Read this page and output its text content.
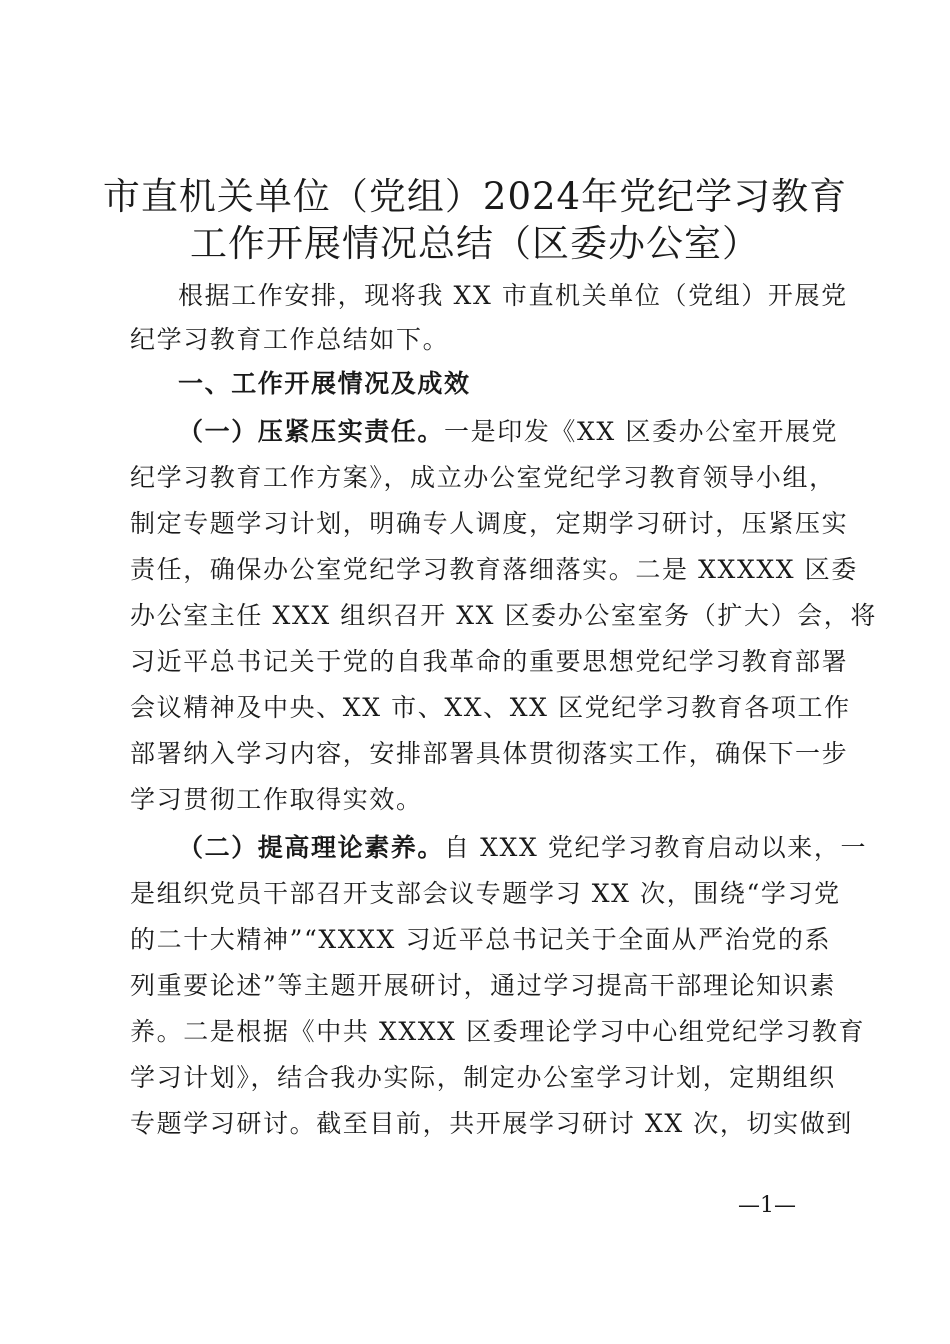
市直机关单位（党组）2024年党纪学习教育
工作开展情况总结（区委办公室）
根据工作安排，现将我 XX 市直机关单位（党组）开展党
纪学习教育工作总结如下。
一、工作开展情况及成效
（一）压紧压实责任。一是印发《XX 区委办公室开展党
纪学习教育工作方案》，成立办公室党纪学习教育领导小组，
制定专题学习计划，明确专人调度，定期学习研讨，压紧压实
责任，确保办公室党纪学习教育落细落实。二是 XXXXX 区委
办公室主任 XXX 组织召开 XX 区委办公室室务（扩大）会，将
习近平总书记关于党的自我革命的重要思想党纪学习教育部署
会议精神及中央、XX 市、XX、XX 区党纪学习教育各项工作
部署纳入学习内容，安排部署具体贯彻落实工作，确保下一步
学习贯彻工作取得实效。
（二）提高理论素养。自 XXX 党纪学习教育启动以来，一
是组织党员干部召开支部会议专题学习 XX 次，围绕“学习党
的二十大精神”“XXXX 习近平总书记关于全面从严治党的系
列重要论述”等主题开展研讨，通过学习提高干部理论知识素
养。二是根据《中共 XXXX 区委理论学习中心组党纪学习教育
学习计划》，结合我办实际，制定办公室学习计划，定期组织
专题学习研讨。截至目前，共开展学习研讨 XX 次，切实做到
—1—
